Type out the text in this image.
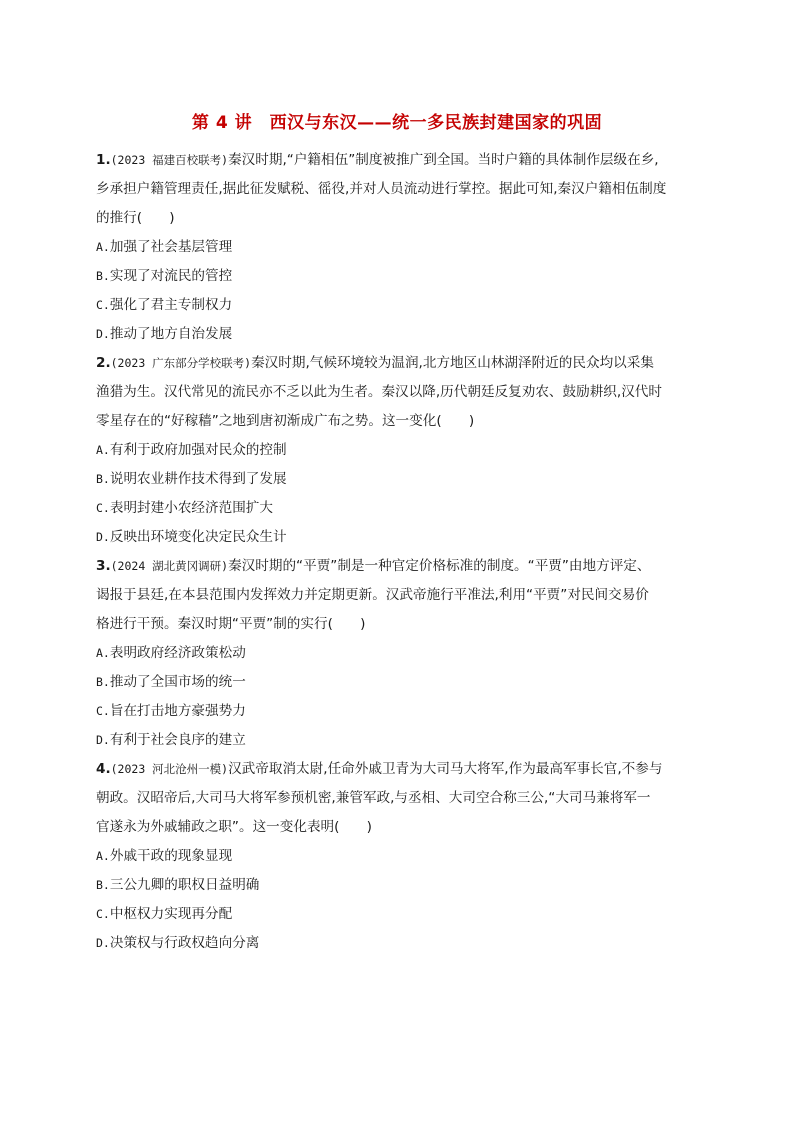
第 4 讲　西汉与东汉——统一多民族封建国家的巩固
1.(2023 福建百校联考)秦汉时期,“户籍相伍”制度被推广到全国。当时户籍的具体制作层级在乡,
乡承担户籍管理责任,据此征发赋税、徭役,并对人员流动进行掌控。据此可知,秦汉户籍相伍制度
的推行(　　)
A.加强了社会基层管理
B.实现了对流民的管控
C.强化了君主专制权力
D.推动了地方自治发展
2.(2023 广东部分学校联考)秦汉时期,气候环境较为温润,北方地区山林湖泽附近的民众均以采集
渔猎为生。汉代常见的流民亦不乏以此为生者。秦汉以降,历代朝廷反复劝农、鼓励耕织,汉代时
零星存在的“好稼穑”之地到唐初渐成广布之势。这一变化(　　)
A.有利于政府加强对民众的控制
B.说明农业耕作技术得到了发展
C.表明封建小农经济范围扩大
D.反映出环境变化决定民众生计
3.(2024 湖北黄冈调研)秦汉时期的“平贾”制是一种官定价格标准的制度。“平贾”由地方评定、
谒报于县廷,在本县范围内发挥效力并定期更新。汉武帝施行平准法,利用“平贾”对民间交易价
格进行干预。秦汉时期“平贾”制的实行(　　)
A.表明政府经济政策松动
B.推动了全国市场的统一
C.旨在打击地方豪强势力
D.有利于社会良序的建立
4.(2023 河北沧州一模)汉武帝取消太尉,任命外戚卫青为大司马大将军,作为最高军事长官,不参与
朝政。汉昭帝后,大司马大将军参预机密,兼管军政,与丞相、大司空合称三公,“大司马兼将军一
官遂永为外戚辅政之职”。这一变化表明(　　)
A.外戚干政的现象显现
B.三公九卿的职权日益明确
C.中枢权力实现再分配
D.决策权与行政权趋向分离
